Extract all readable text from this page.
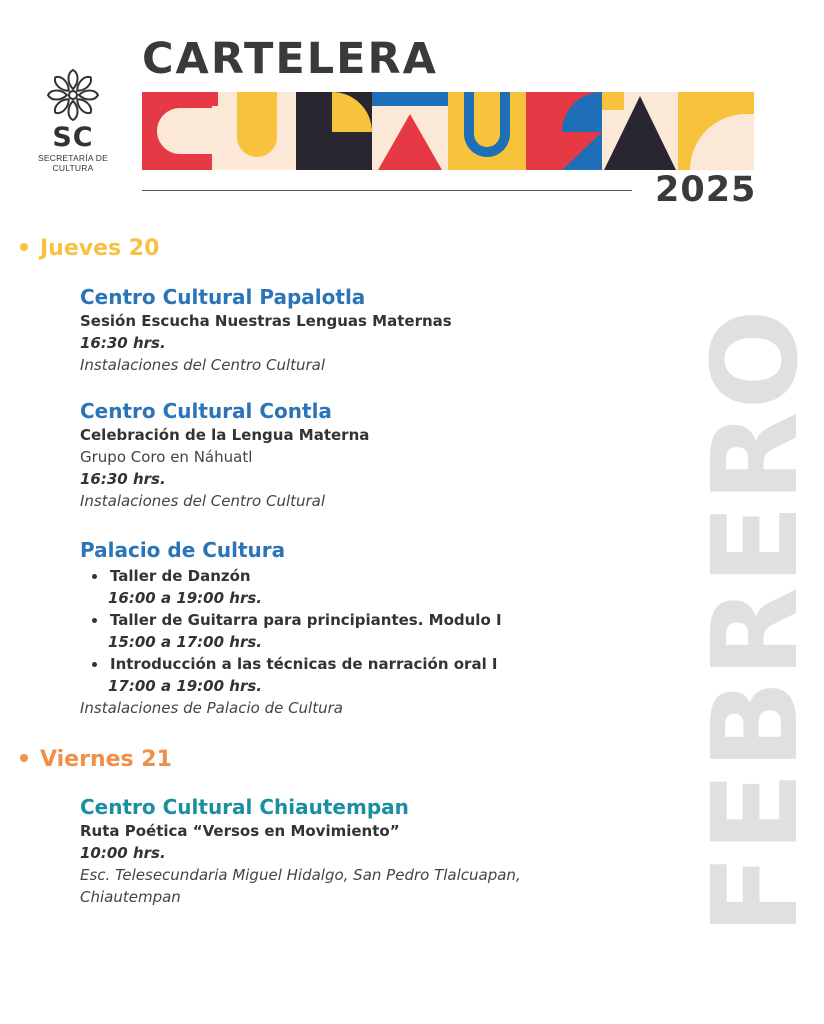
SC
SECRETARÍA DE
CULTURA
CARTELERA
2025
FEBRERO
Jueves 20
Centro Cultural Papalotla
Sesión Escucha Nuestras Lenguas Maternas
16:30 hrs.
Instalaciones del Centro Cultural
Centro Cultural Contla
Celebración de la Lengua Materna
Grupo Coro en Náhuatl
16:30 hrs.
Instalaciones del Centro Cultural
Palacio de Cultura
Taller de Danzón
16:00 a 19:00 hrs.
Taller de Guitarra para principiantes. Modulo I
15:00 a 17:00 hrs.
Introducción a las técnicas de narración oral I
17:00 a 19:00 hrs.
Instalaciones de Palacio de Cultura
Viernes 21
Centro Cultural Chiautempan
Ruta Poética “Versos en Movimiento”
10:00 hrs.
Esc. Telesecundaria Miguel Hidalgo, San Pedro Tlalcuapan,
Chiautempan
